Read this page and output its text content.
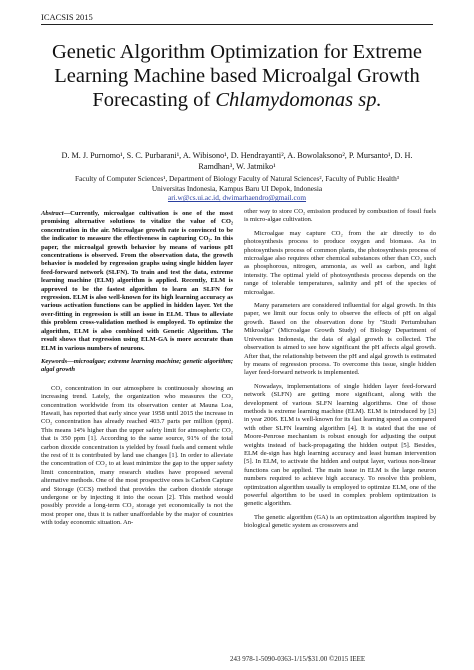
ICACSIS 2015
Genetic Algorithm Optimization for Extreme
Learning Machine based Microalgal Growth
Forecasting of Chlamydomonas sp.
D. M. J. Purnomo¹, S. C. Purbarani¹, A. Wibisono¹, D. Hendrayanti², A. Bowolaksono², P. Mursanto¹, D. H.
Ramdhan³, W. Jatmiko¹
Faculty of Computer Sciences¹, Department of Biology Faculty of Natural Sciences², Faculty of Public Health³
Universitas Indonesia, Kampus Baru UI Depok, Indonesia
ari.w@cs.ui.ac.id, dwimarhaendro@gmail.com

Abstract—Currently, microalgae cultivation is one of the most promising alternative solutions to vitalize the value of CO₂ concentration in the air. Microalgae growth rate is convinced to be the indicator to measure the effectiveness in capturing CO₂. In this paper, the microalgal growth behavior by means of various pH concentrations is observed. From the observation data, the growth behavior is modeled by regression graphs using single hidden layer feed-forward network (SLFN). To train and test the data, extreme learning machine (ELM) algorithm is applied. Recently, ELM is approved to be the fastest algorithm to learn an SLFN for regression. ELM is also well-known for its high learning accuracy as various activation functions can be applied in hidden layer. Yet the over-fitting in regression is still an issue in ELM. Thus to alleviate this problem cross-validation method is employed. To optimize the algorithm, ELM is also combined with Genetic Algorithm. The result shows that regression using ELM-GA is more accurate than ELM in various numbers of neurons.

Keywords—microalgae; extreme learning machine; genetic algorithm; algal growth

CO₂ concentration in our atmosphere is continuously showing an increasing trend. Lately, the organization who measures the CO₂ concentration worldwide from its observation center at Mauna Loa, Hawaii, has reported that early since year 1958 until 2015 the increase in CO₂ concentration has already reached 403.7 parts per million (ppm). This means 14% higher than the upper safety limit for atmospheric CO₂ that is 350 ppm [1]. According to the same source, 91% of the total carbon dioxide concentration is yielded by fossil fuels and cement while the rest of it is contributed by land use changes [1]. In order to alleviate the concentration of CO₂ to at least minimize the gap to the upper safety limit concentration, many research studies have proposed several alternative methods. One of the most prospective ones is Carbon Capture and Storage (CCS) method that provides the carbon dioxide storage undergone or by injecting it into the ocean [2]. This method would possibly provide a long-term CO₂ storage yet economically is not the most proper one, thus it is rather unaffordable by the major of countries with today economic situation. An-

other way to store CO₂ emission produced by combustion of fossil fuels is micro-algae cultivation.

Microalgae may capture CO₂ from the air directly to do photosynthesis process to produce oxygen and biomass. As in photosynthesis process of common plants, the photosynthesis process of microalgae also requires other chemical substances other than CO₂ such as phosphorous, nitrogen, ammonia, as well as carbon, and light intensity. The optimal yield of photosynthesis process depends on the range of tolerable temperatures, salinity and pH of the species of microalgae.

Many parameters are considered influential for algal growth. In this paper, we limit our focus only to observe the effects of pH on algal growth. Based on the observation done by "Studi Pertumbuhan Mikroalga" (Microalgae Growth Study) of Biology Department of Universitas Indonesia, the data of algal growth is collected. The observation is aimed to see how significant the pH affects algal growth. After that, the relationship between the pH and algal growth is estimated by means of regression process. To overcome this issue, single hidden layer feed-forward network is implemented.

Nowadays, implementations of single hidden layer feed-forward network (SLFN) are getting more significant, along with the development of various SLFN learning algorithms. One of those methods is extreme learning machine (ELM). ELM is introduced by [3] in year 2006. ELM is well-known for its fast learning speed as compared with other SLFN learning algorithm [4]. It is stated that the use of Moore-Penrose mechanism is robust enough for adjusting the output weights instead of back-propagating the hidden output [5]. Besides, ELM de-sign has high learning accuracy and least human intervention [5]. In ELM, to activate the hidden and output layer, various non-linear functions can be applied. The main issue in ELM is the large neuron numbers required to achieve high accuracy. To resolve this problem, optimization algorithm usually is employed to optimize ELM, one of the powerful algorithm to be used in complex problem optimization is genetic algorithm.

The genetic algorithm (GA) is an optimization algorithm inspired by biological genetic system as crossovers and

243 978-1-5090-0363-1/15/$31.00 ©2015 IEEE
